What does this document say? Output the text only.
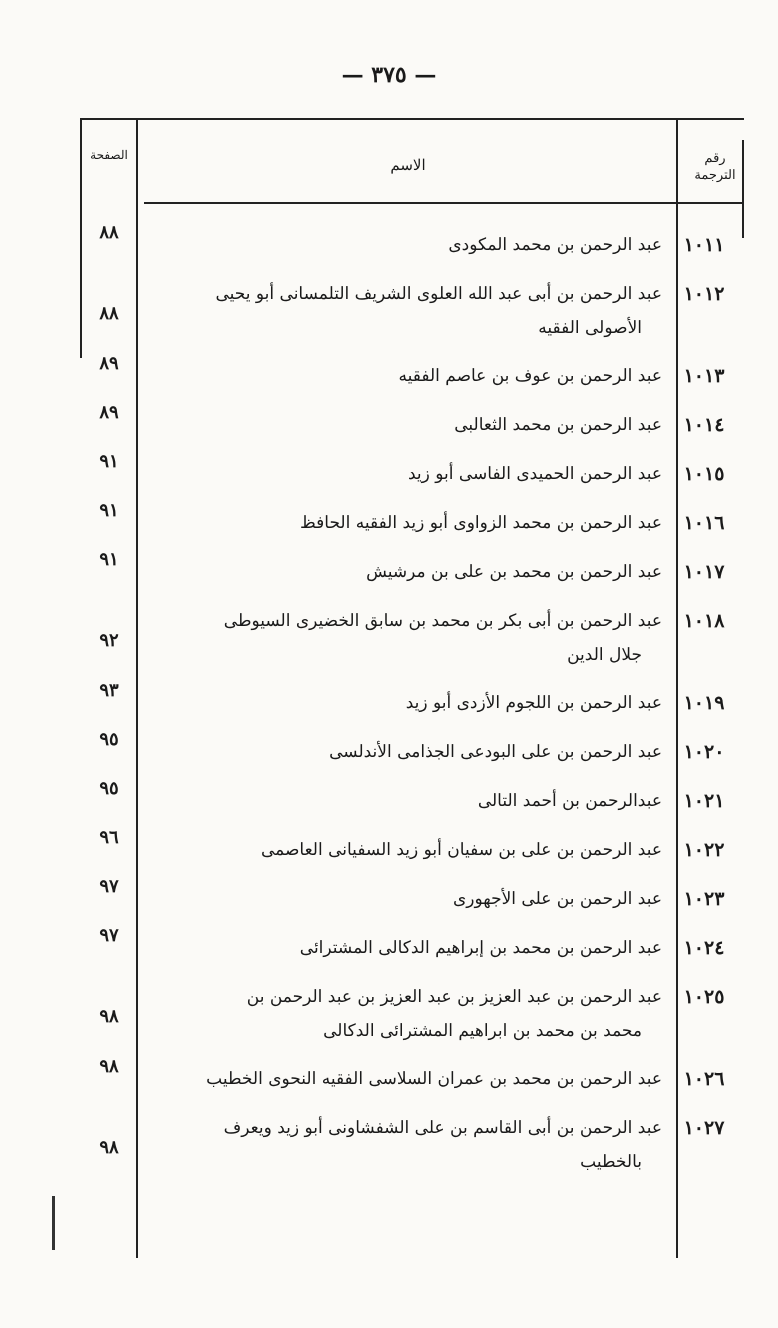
— ٣٧٥ —
رقم الترجمة
الاسم
الصفحة
١٠١١
عبد الرحمن بن محمد المكودى
٨٨
١٠١٢
عبد الرحمن بن أبى عبد الله العلوى الشريف التلمسانى أبو يحيى
الأصولى الفقيه
٨٨
١٠١٣
عبد الرحمن بن عوف بن عاصم الفقيه
٨٩
١٠١٤
عبد الرحمن بن محمد الثعالبى
٨٩
١٠١٥
عبد الرحمن الحميدى الفاسى أبو زيد
٩١
١٠١٦
عبد الرحمن بن محمد الزواوى أبو زيد الفقيه الحافظ
٩١
١٠١٧
عبد الرحمن بن محمد بن على بن مرشيش
٩١
١٠١٨
عبد الرحمن بن أبى بكر بن محمد بن سابق الخضيرى السيوطى
جلال الدين
٩٢
١٠١٩
عبد الرحمن بن اللجوم الأزدى أبو زيد
٩٣
١٠٢٠
عبد الرحمن بن على البودعى الجذامى الأندلسى
٩٥
١٠٢١
عبدالرحمن بن أحمد التالى
٩٥
١٠٢٢
عبد الرحمن بن على بن سفيان أبو زيد السفيانى العاصمى
٩٦
١٠٢٣
عبد الرحمن بن على الأجهورى
٩٧
١٠٢٤
عبد الرحمن بن محمد بن إبراهيم الدكالى المشترائى
٩٧
١٠٢٥
عبد الرحمن بن عبد العزيز بن عبد العزيز بن عبد الرحمن بن
محمد بن محمد بن ابراهيم المشترائى الدكالى
٩٨
١٠٢٦
عبد الرحمن بن محمد بن عمران السلاسى الفقيه النحوى الخطيب
٩٨
١٠٢٧
عبد الرحمن بن أبى القاسم بن على الشفشاونى أبو زيد ويعرف
بالخطيب
٩٨
